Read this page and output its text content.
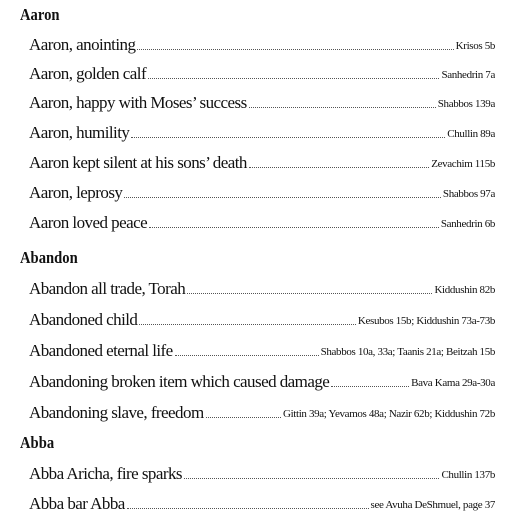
Aaron
Aaron, anointing	Krisos 5b
Aaron, golden calf	Sanhedrin 7a
Aaron, happy with Moses’ success	Shabbos 139a
Aaron, humility	Chullin 89a
Aaron kept silent at his sons’ death	Zevachim 115b
Aaron, leprosy	Shabbos 97a
Aaron loved peace	Sanhedrin 6b
Abandon
Abandon all trade, Torah	Kiddushin 82b
Abandoned child	Kesubos 15b; Kiddushin 73a-73b
Abandoned eternal life	Shabbos 10a, 33a; Taanis 21a; Beitzah 15b
Abandoning broken item which caused damage	Bava Kama 29a-30a
Abandoning slave, freedom	Gittin 39a; Yevamos 48a; Nazir 62b; Kiddushin 72b
Abba
Abba Aricha, fire sparks	Chullin 137b
Abba bar Abba	see Avuha DeShmuel, page 37
